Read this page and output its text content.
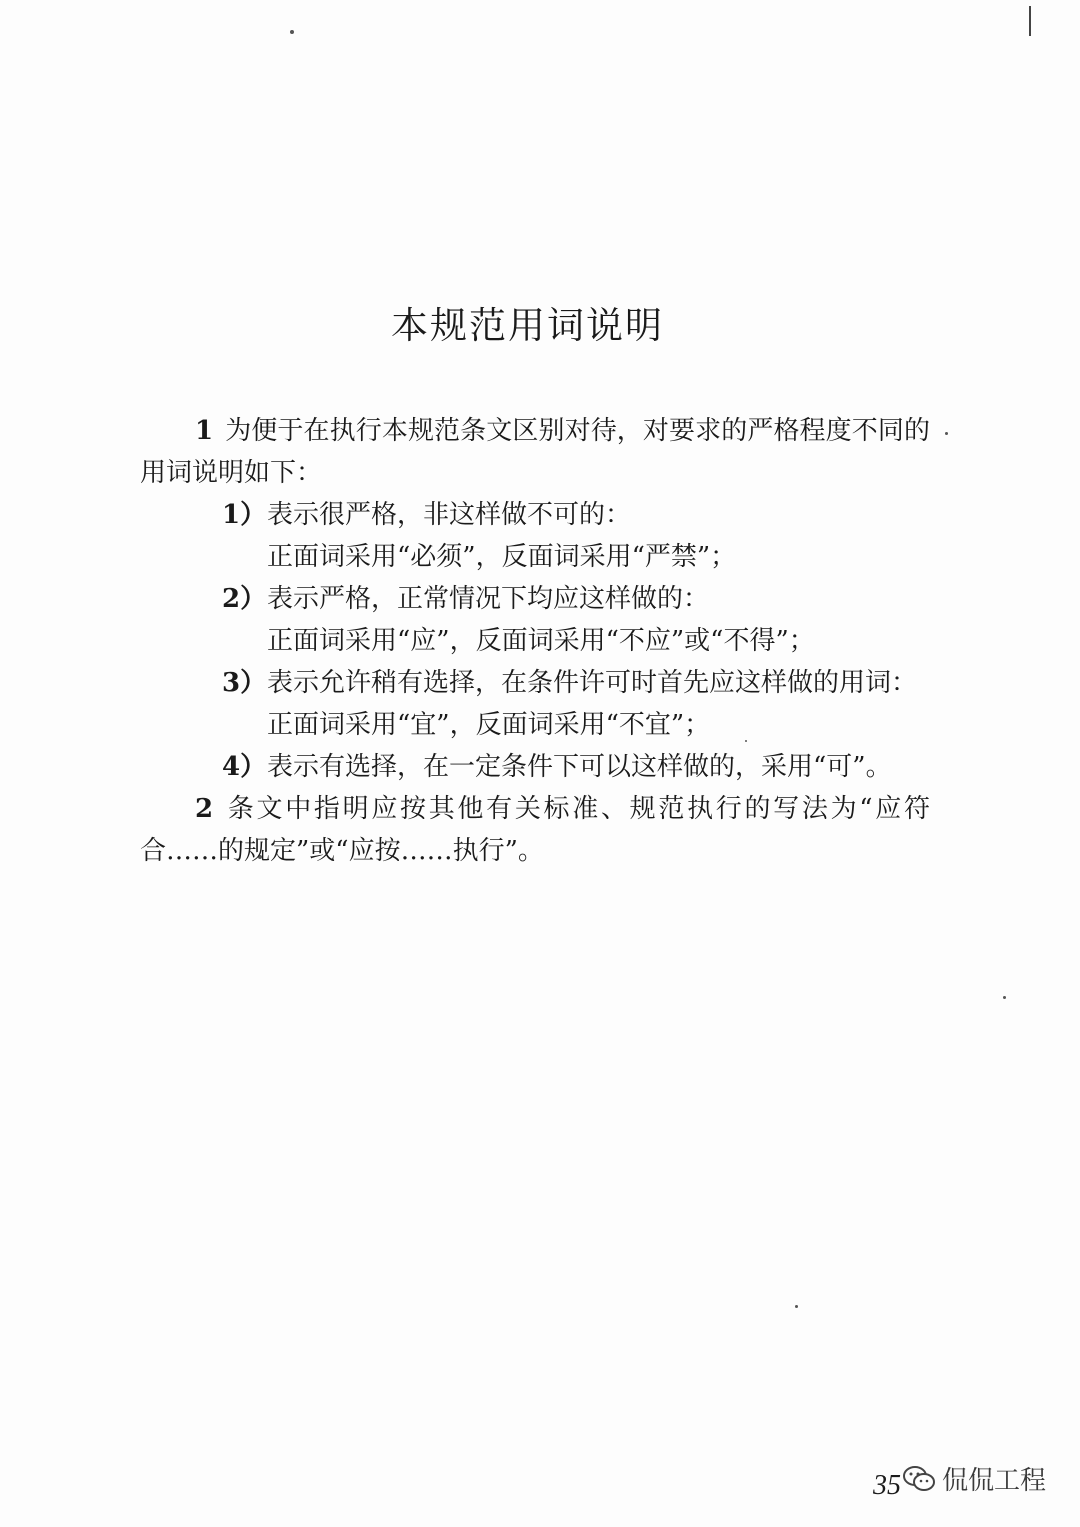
本规范用词说明

1 为便于在执行本规范条文区别对待，对要求的严格程度不同的用词说明如下：

1） 表示很严格，非这样做不可的：
正面词采用“必须”，反面词采用“严禁”；
2） 表示严格，正常情况下均应这样做的：
正面词采用“应”，反面词采用“不应”或“不得”；
3） 表示允许稍有选择，在条件许可时首先应这样做的用词：
正面词采用“宜”，反面词采用“不宜”；
4） 表示有选择，在一定条件下可以这样做的，采用“可”。

2 条文中指明应按其他有关标准、规范执行的写法为“应符合……的规定”或“应按……执行”。

35 侃侃工程
